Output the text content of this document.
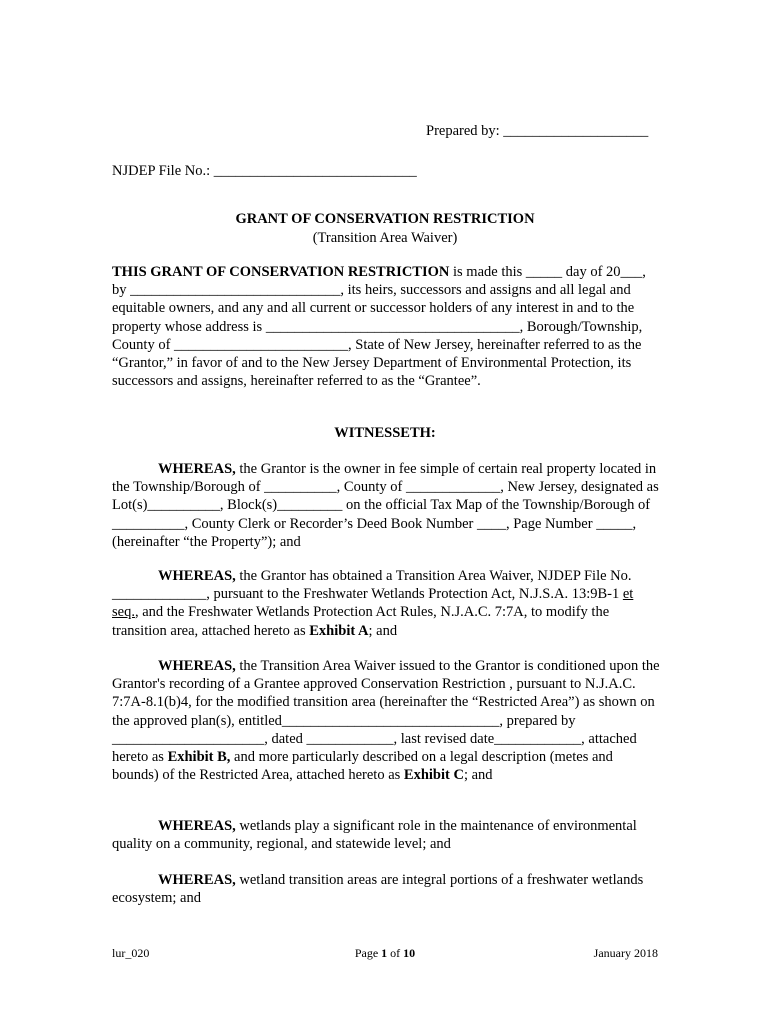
Prepared by: ____________________
NJDEP File No.: ____________________________
GRANT OF CONSERVATION RESTRICTION
(Transition Area Waiver)

THIS GRANT OF CONSERVATION RESTRICTION is made this _____ day of 20___, by _____________________________, its heirs, successors and assigns and all legal and equitable owners, and any and all current or successor holders of any interest in and to the property whose address is ___________________________________, Borough/Township, County of ________________________, State of New Jersey, hereinafter referred to as the “Grantor,” in favor of and to the New Jersey Department of Environmental Protection, its successors and assigns, hereinafter referred to as the “Grantee”.

WITNESSETH:

WHEREAS, the Grantor is the owner in fee simple of certain real property located in the Township/Borough of __________, County of _____________, New Jersey, designated as Lot(s)__________, Block(s)_________ on the official Tax Map of the Township/Borough of __________, County Clerk or Recorder’s Deed Book Number ____, Page Number _____, (hereinafter “the Property”); and

WHEREAS, the Grantor has obtained a Transition Area Waiver, NJDEP File No. _____________, pursuant to the Freshwater Wetlands Protection Act, N.J.S.A. 13:9B-1 et seq., and the Freshwater Wetlands Protection Act Rules, N.J.A.C. 7:7A, to modify the transition area, attached hereto as Exhibit A; and

WHEREAS, the Transition Area Waiver issued to the Grantor is conditioned upon the Grantor's recording of a Grantee approved Conservation Restriction , pursuant to N.J.A.C. 7:7A-8.1(b)4, for the modified transition area (hereinafter the “Restricted Area”) as shown on the approved plan(s), entitled______________________________, prepared by _____________________, dated ____________, last revised date____________, attached hereto as Exhibit B, and more particularly described on a legal description (metes and bounds) of the Restricted Area, attached hereto as Exhibit C; and

WHEREAS, wetlands play a significant role in the maintenance of environmental quality on a community, regional, and statewide level; and

WHEREAS, wetland transition areas are integral portions of a freshwater wetlands ecosystem; and

lur_020	Page 1 of 10	January 2018
